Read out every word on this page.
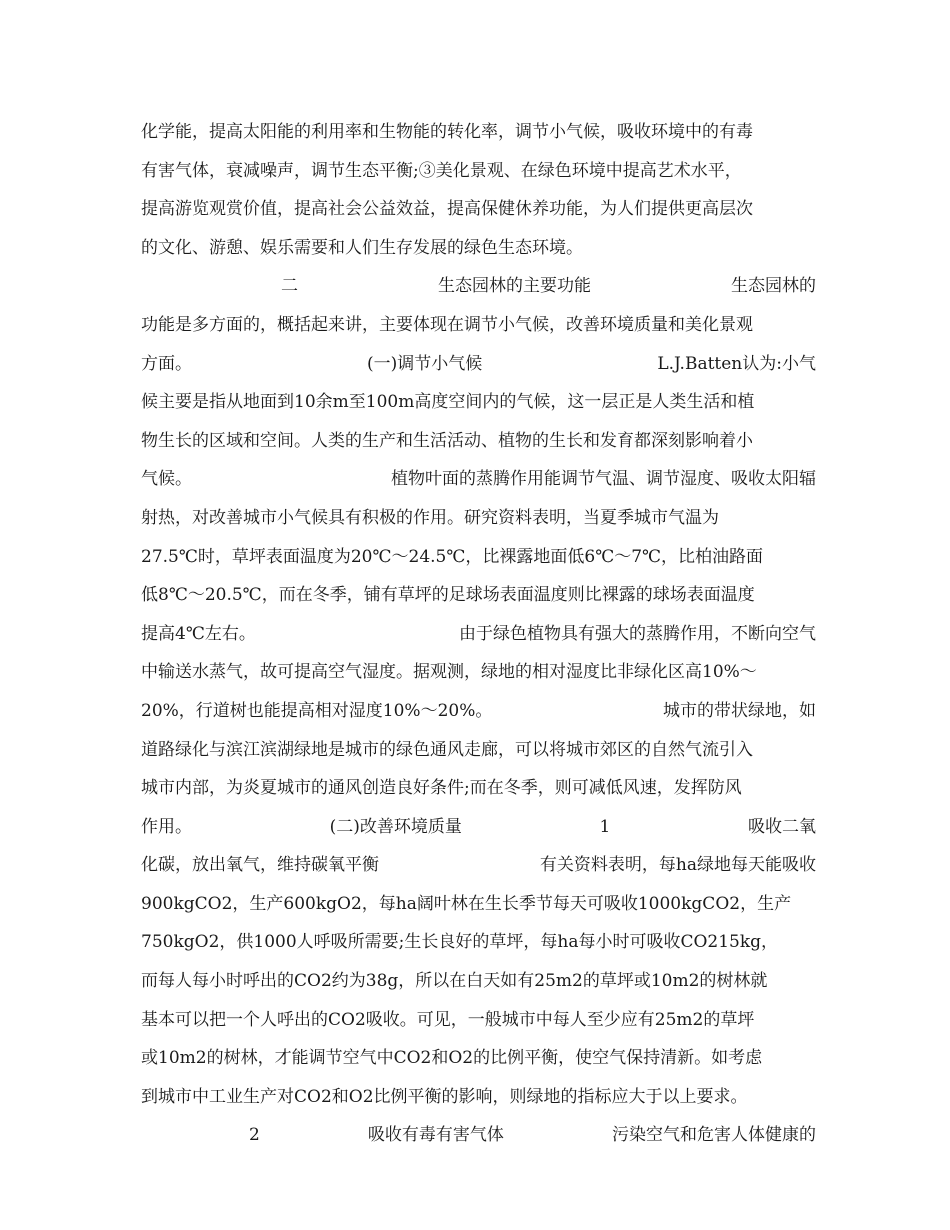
化学能，提高太阳能的利用率和生物能的转化率，调节小气候，吸收环境中的有毒
有害气体，衰减噪声，调节生态平衡;③美化景观、在绿色环境中提高艺术水平，
提高游览观赏价值，提高社会公益效益，提高保健休养功能，为人们提供更高层次
的文化、游憩、娱乐需要和人们生存发展的绿色生态环境。
二	生态园林的主要功能	生态园林的
功能是多方面的，概括起来讲，主要体现在调节小气候，改善环境质量和美化景观
方面。	(一)调节小气候	L.J.Batten认为:小气
候主要是指从地面到10余m至100m高度空间内的气候，这一层正是人类生活和植
物生长的区域和空间。人类的生产和生活活动、植物的生长和发育都深刻影响着小
气候。	植物叶面的蒸腾作用能调节气温、调节湿度、吸收太阳辐
射热，对改善城市小气候具有积极的作用。研究资料表明，当夏季城市气温为
27.5℃时，草坪表面温度为20℃～24.5℃，比裸露地面低6℃～7℃，比柏油路面
低8℃～20.5℃，而在冬季，铺有草坪的足球场表面温度则比裸露的球场表面温度
提高4℃左右。	由于绿色植物具有强大的蒸腾作用，不断向空气
中输送水蒸气，故可提高空气湿度。据观测，绿地的相对湿度比非绿化区高10%～
20%，行道树也能提高相对湿度10%～20%。	城市的带状绿地，如
道路绿化与滨江滨湖绿地是城市的绿色通风走廊，可以将城市郊区的自然气流引入
城市内部，为炎夏城市的通风创造良好条件;而在冬季，则可减低风速，发挥防风
作用。	(二)改善环境质量	1	吸收二氧
化碳，放出氧气，维持碳氧平衡	有关资料表明，每ha绿地每天能吸收
900kgCO2，生产600kgO2，每ha阔叶林在生长季节每天可吸收1000kgCO2，生产
750kgO2，供1000人呼吸所需要;生长良好的草坪，每ha每小时可吸收CO215kg，
而每人每小时呼出的CO2约为38g，所以在白天如有25m2的草坪或10m2的树林就
基本可以把一个人呼出的CO2吸收。可见，一般城市中每人至少应有25m2的草坪
或10m2的树林，才能调节空气中CO2和O2的比例平衡，使空气保持清新。如考虑
到城市中工业生产对CO2和O2比例平衡的影响，则绿地的指标应大于以上要求。
2	吸收有毒有害气体	污染空气和危害人体健康的
